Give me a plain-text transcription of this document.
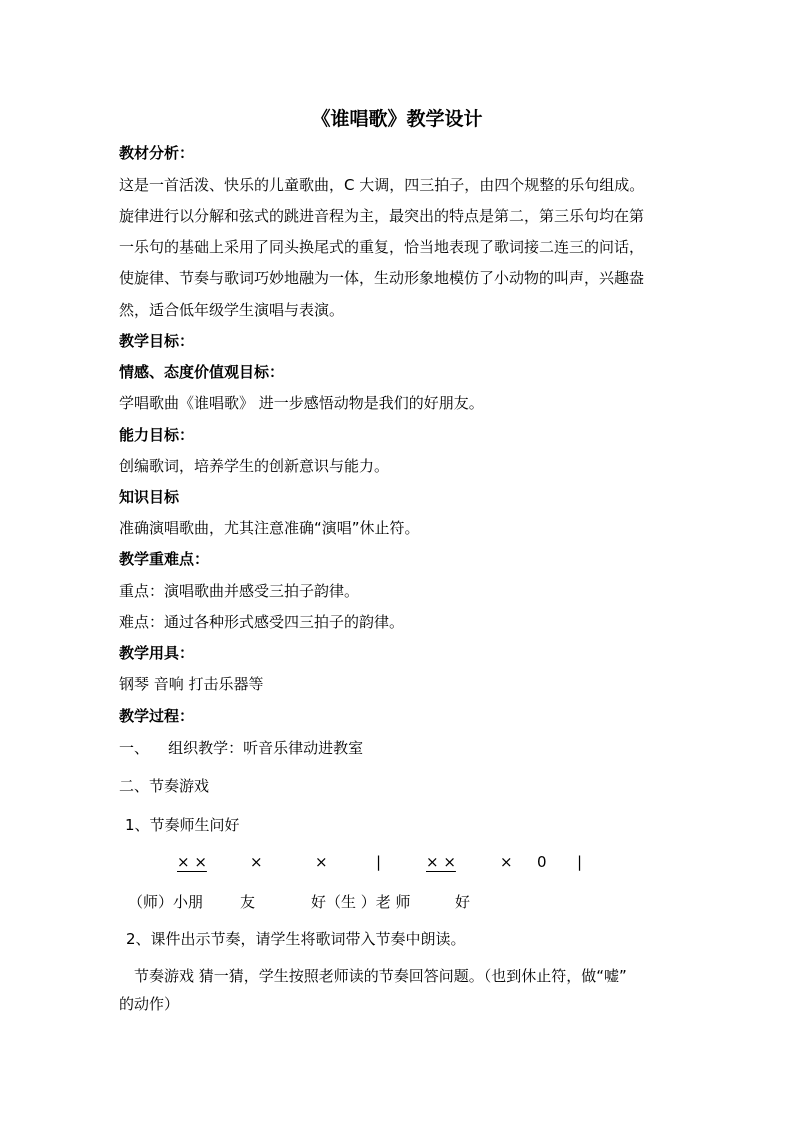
《谁唱歌》教学设计
教材分析：
这是一首活泼、快乐的儿童歌曲，C 大调，四三拍子，由四个规整的乐句组成。
旋律进行以分解和弦式的跳进音程为主，最突出的特点是第二，第三乐句均在第
一乐句的基础上采用了同头换尾式的重复，恰当地表现了歌词接二连三的问话，
使旋律、节奏与歌词巧妙地融为一体，生动形象地模仿了小动物的叫声，兴趣盎
然，适合低年级学生演唱与表演。
教学目标：
情感、态度价值观目标：
学唱歌曲《谁唱歌》 进一步感悟动物是我们的好朋友。
能力目标：
创编歌词，培养学生的创新意识与能力。
知识目标
准确演唱歌曲，尤其注意准确“演唱”休止符。
教学重难点：
重点：演唱歌曲并感受三拍子韵律。
难点：通过各种形式感受四三拍子的韵律。
教学用具：
钢琴 音响 打击乐器等
教学过程：
一、    组织教学：听音乐律动进教室
二、节奏游戏
1、节奏师生问好
× ×	×	×	|	× ×	× 0 |
（师）小朋 友	好（生 ）老 师	好
2、课件出示节奏，请学生将歌词带入节奏中朗读。
节奏游戏 猜一猜，学生按照老师读的节奏回答问题。（也到休止符，做“嘘”
的动作）
